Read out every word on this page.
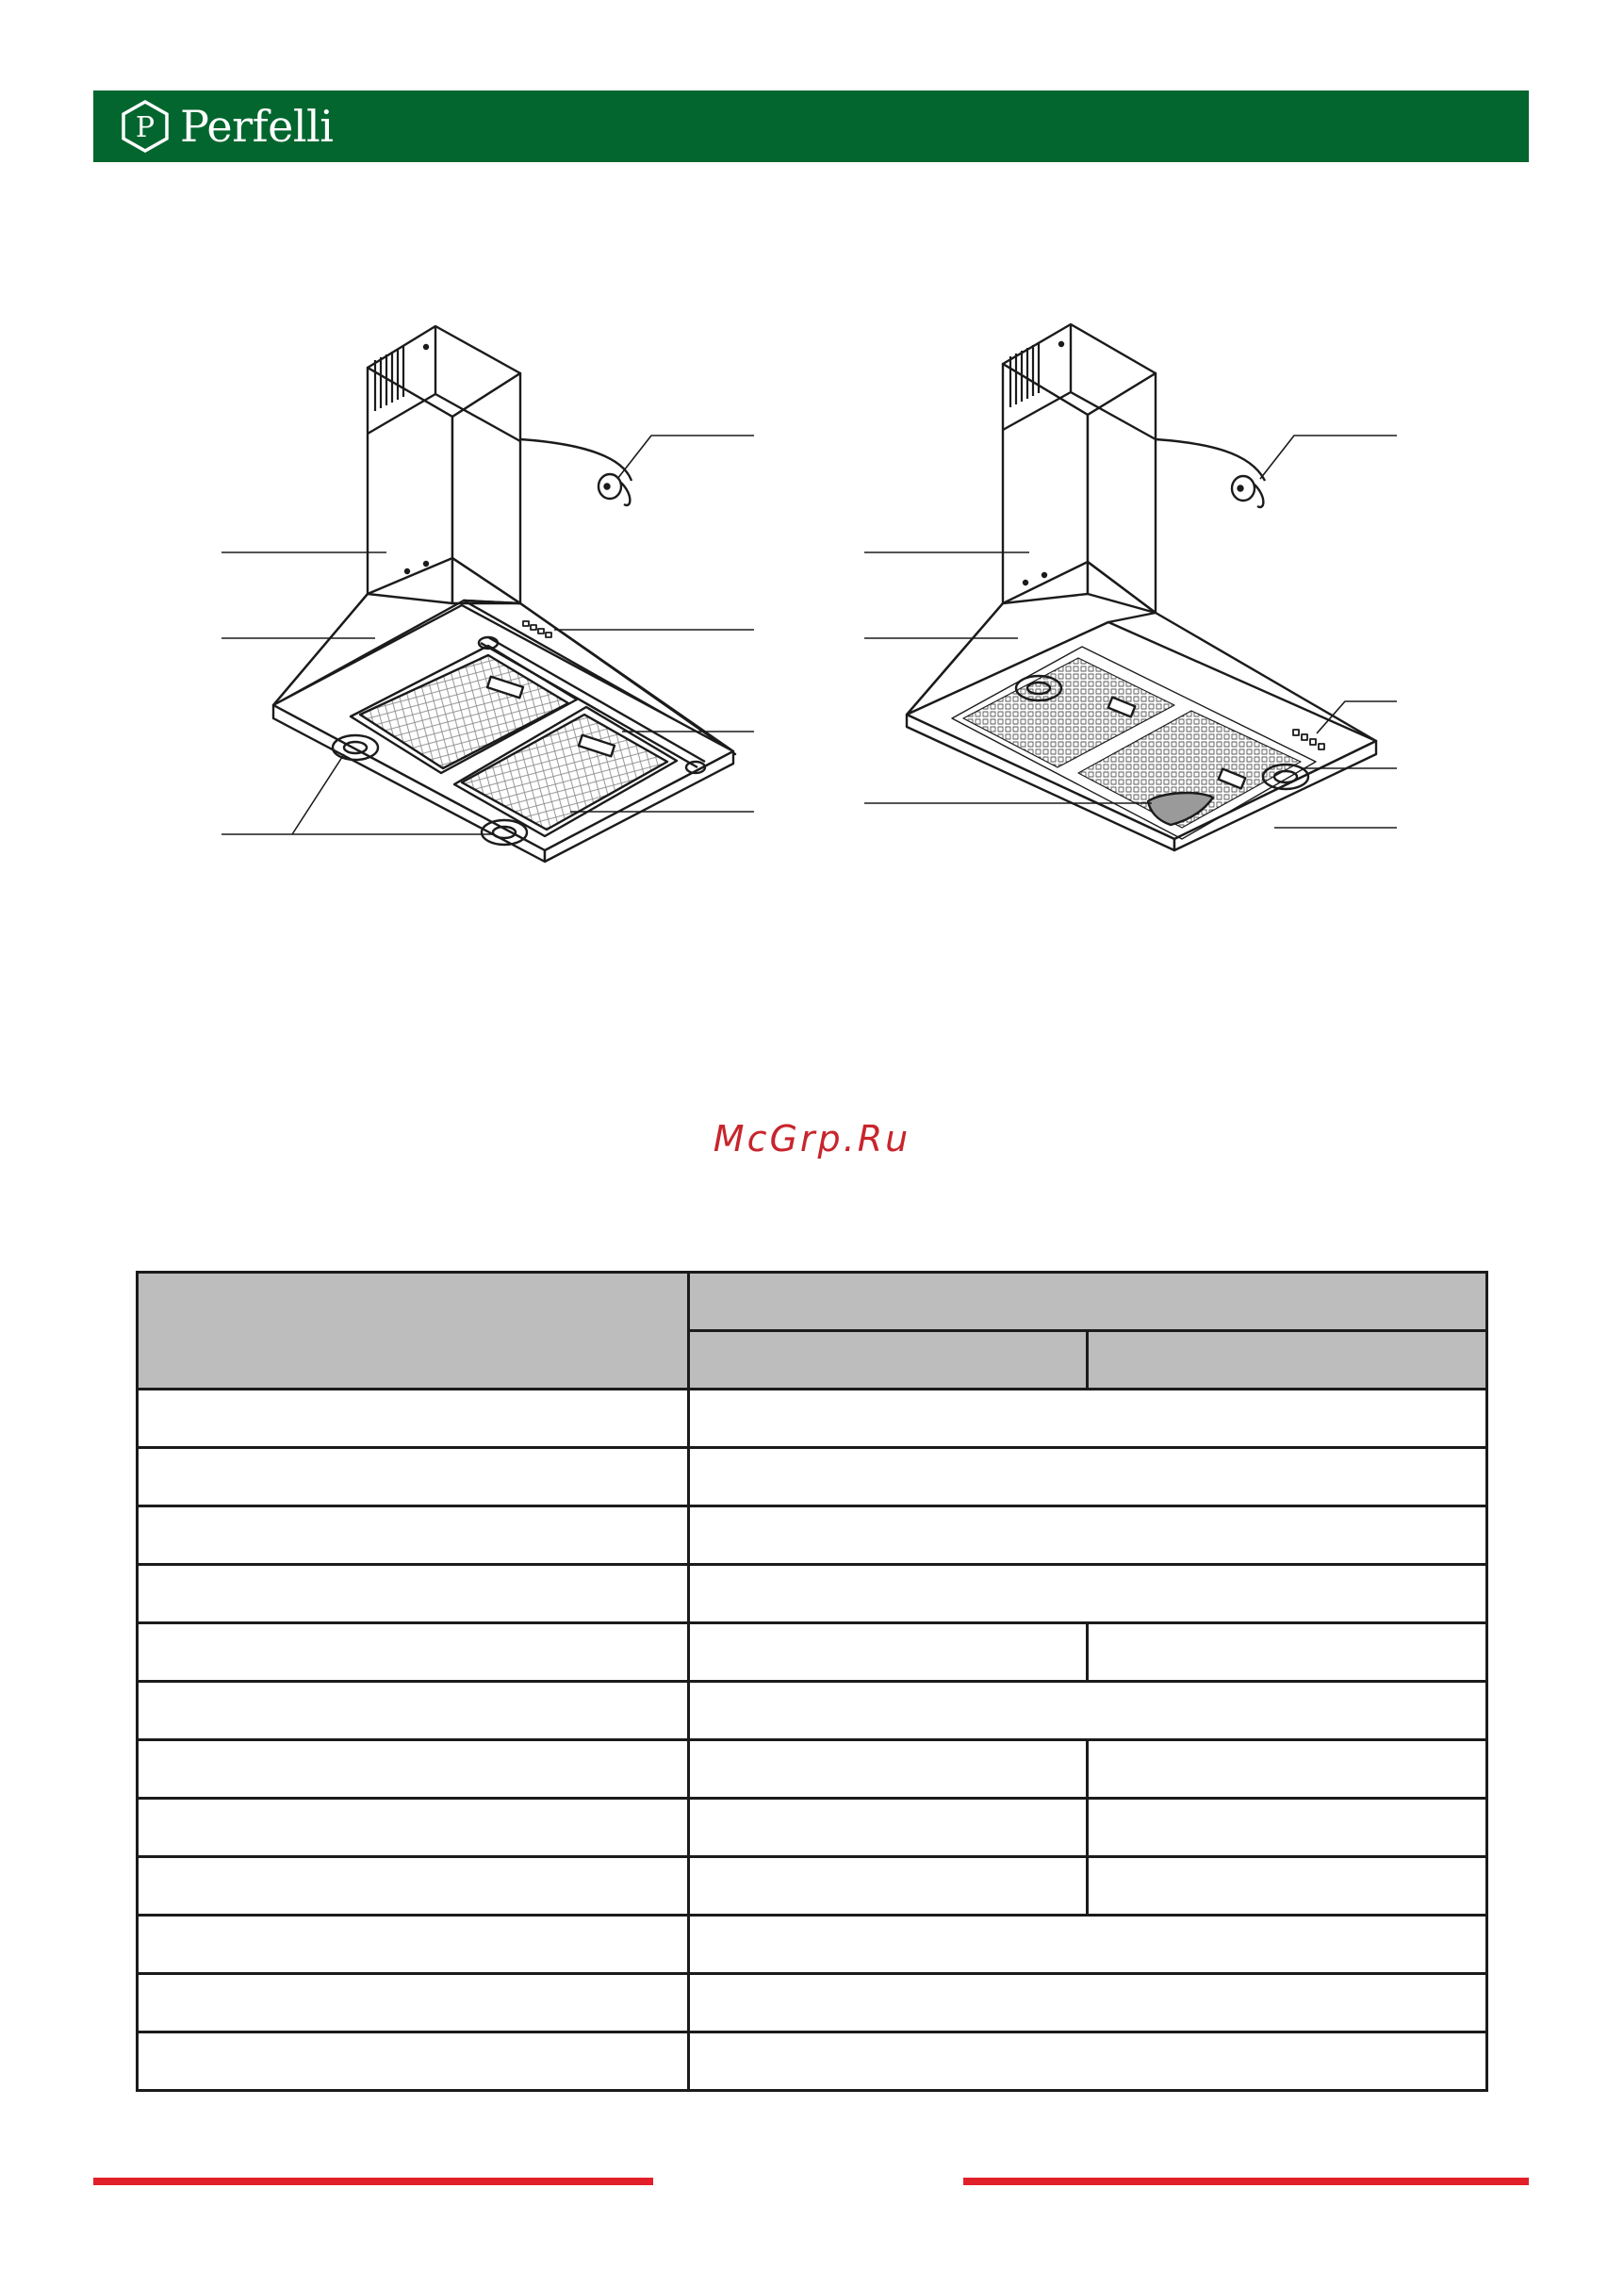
P Perfelli
McGrp.Ru
